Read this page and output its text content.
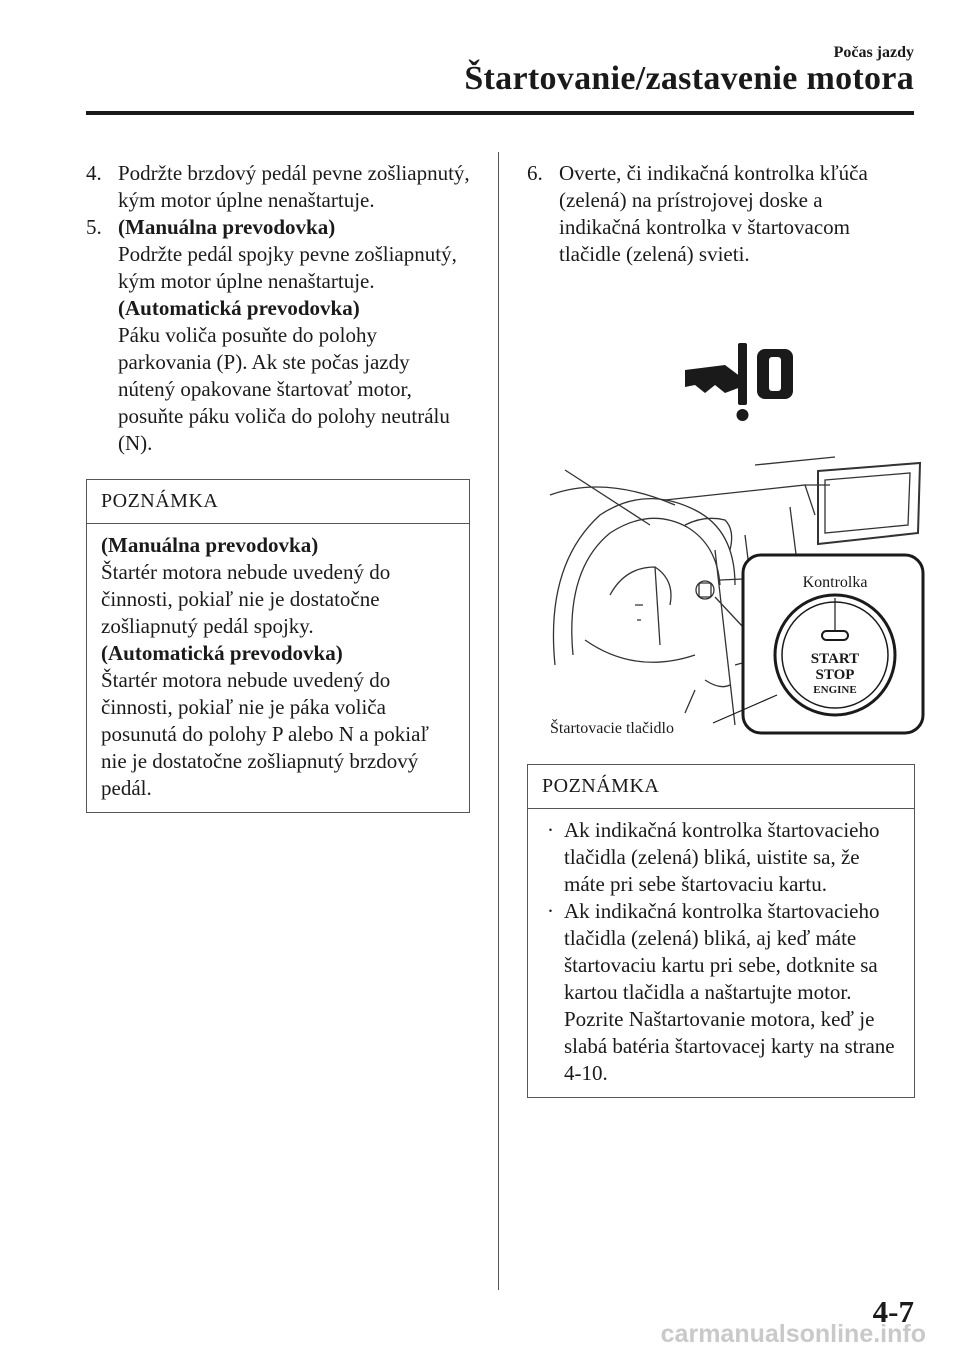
Počas jazdy
Štartovanie/zastavenie motora
4. Podržte brzdový pedál pevne zošliapnutý, kým motor úplne nenaštartuje.
5. (Manuálna prevodovka)
Podržte pedál spojky pevne zošliapnutý, kým motor úplne nenaštartuje.
(Automatická prevodovka)
Páku voliča posuňte do polohy parkovania (P). Ak ste počas jazdy nútený opakovane štartovať motor, posuňte páku voliča do polohy neutrálu (N).
POZNÁMKA

(Manuálna prevodovka)

Štartér motora nebude uvedený do činnosti, pokiaľ nie je dostatočne zošliapnutý pedál spojky.

(Automatická prevodovka)

Štartér motora nebude uvedený do činnosti, pokiaľ nie je páka voliča posunutá do polohy P alebo N a pokiaľ nie je dostatočne zošliapnutý brzdový pedál.

6. Overte, či indikačná kontrolka kľúča (zelená) na prístrojovej doske a indikačná kontrolka v štartovacom tlačidle (zelená) svieti.
START
STOP
ENGINE
Kontrolka
Štartovacie tlačidlo
POZNÁMKA
· Ak indikačná kontrolka štartovacieho tlačidla (zelená) bliká, uistite sa, že máte pri sebe štartovaciu kartu.
· Ak indikačná kontrolka štartovacieho tlačidla (zelená) bliká, aj keď máte štartovaciu kartu pri sebe, dotknite sa kartou tlačidla a naštartujte motor. Pozrite Naštartovanie motora, keď je slabá batéria štartovacej karty na strane 4-10.
4-7
carmanualsonline.info
